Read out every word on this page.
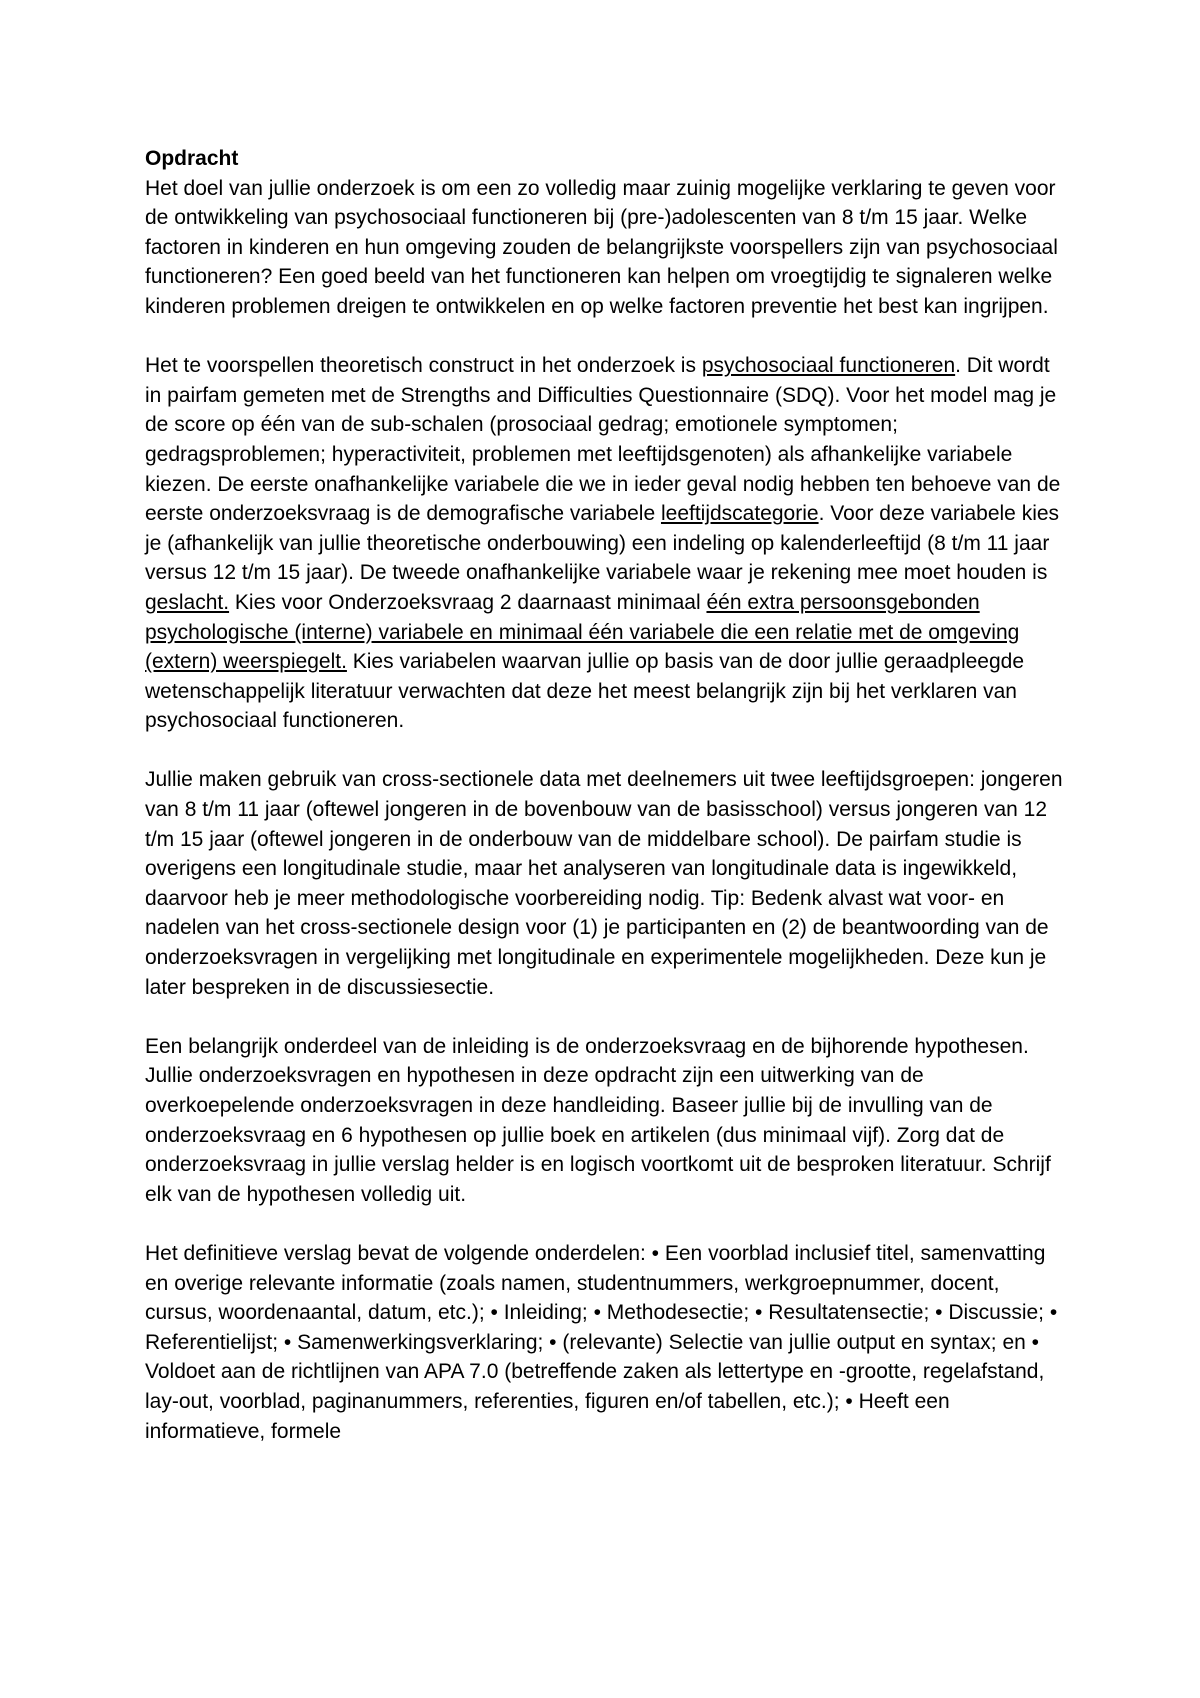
Opdracht

Het doel van jullie onderzoek is om een zo volledig maar zuinig mogelijke verklaring te geven voor de ontwikkeling van psychosociaal functioneren bij (pre-)adolescenten van 8 t/m 15 jaar. Welke factoren in kinderen en hun omgeving zouden de belangrijkste voorspellers zijn van psychosociaal functioneren? Een goed beeld van het functioneren kan helpen om vroegtijdig te signaleren welke kinderen problemen dreigen te ontwikkelen en op welke factoren preventie het best kan ingrijpen.

Het te voorspellen theoretisch construct in het onderzoek is psychosociaal functioneren. Dit wordt in pairfam gemeten met de Strengths and Difficulties Questionnaire (SDQ). Voor het model mag je de score op één van de sub-schalen (prosociaal gedrag; emotionele symptomen; gedragsproblemen; hyperactiviteit, problemen met leeftijdsgenoten) als afhankelijke variabele kiezen. De eerste onafhankelijke variabele die we in ieder geval nodig hebben ten behoeve van de eerste onderzoeksvraag is de demografische variabele leeftijdscategorie. Voor deze variabele kies je (afhankelijk van jullie theoretische onderbouwing) een indeling op kalenderleeftijd (8 t/m 11 jaar versus 12 t/m 15 jaar). De tweede onafhankelijke variabele waar je rekening mee moet houden is geslacht. Kies voor Onderzoeksvraag 2 daarnaast minimaal één extra persoonsgebonden psychologische (interne) variabele en minimaal één variabele die een relatie met de omgeving (extern) weerspiegelt. Kies variabelen waarvan jullie op basis van de door jullie geraadpleegde wetenschappelijk literatuur verwachten dat deze het meest belangrijk zijn bij het verklaren van psychosociaal functioneren.

Jullie maken gebruik van cross-sectionele data met deelnemers uit twee leeftijdsgroepen: jongeren van 8 t/m 11 jaar (oftewel jongeren in de bovenbouw van de basisschool) versus jongeren van 12 t/m 15 jaar (oftewel jongeren in de onderbouw van de middelbare school). De pairfam studie is overigens een longitudinale studie, maar het analyseren van longitudinale data is ingewikkeld, daarvoor heb je meer methodologische voorbereiding nodig. Tip: Bedenk alvast wat voor- en nadelen van het cross-sectionele design voor (1) je participanten en (2) de beantwoording van de onderzoeksvragen in vergelijking met longitudinale en experimentele mogelijkheden. Deze kun je later bespreken in de discussiesectie.

Een belangrijk onderdeel van de inleiding is de onderzoeksvraag en de bijhorende hypothesen. Jullie onderzoeksvragen en hypothesen in deze opdracht zijn een uitwerking van de overkoepelende onderzoeksvragen in deze handleiding. Baseer jullie bij de invulling van de onderzoeksvraag en 6 hypothesen op jullie boek en artikelen (dus minimaal vijf). Zorg dat de onderzoeksvraag in jullie verslag helder is en logisch voortkomt uit de besproken literatuur. Schrijf elk van de hypothesen volledig uit.

Het definitieve verslag bevat de volgende onderdelen: • Een voorblad inclusief titel, samenvatting en overige relevante informatie (zoals namen, studentnummers, werkgroepnummer, docent, cursus, woordenaantal, datum, etc.); • Inleiding; • Methodesectie; • Resultatensectie; • Discussie; • Referentielijst; • Samenwerkingsverklaring; • (relevante) Selectie van jullie output en syntax; en • Voldoet aan de richtlijnen van APA 7.0 (betreffende zaken als lettertype en -grootte, regelafstand, lay-out, voorblad, paginanummers, referenties, figuren en/of tabellen, etc.); • Heeft een informatieve, formele
